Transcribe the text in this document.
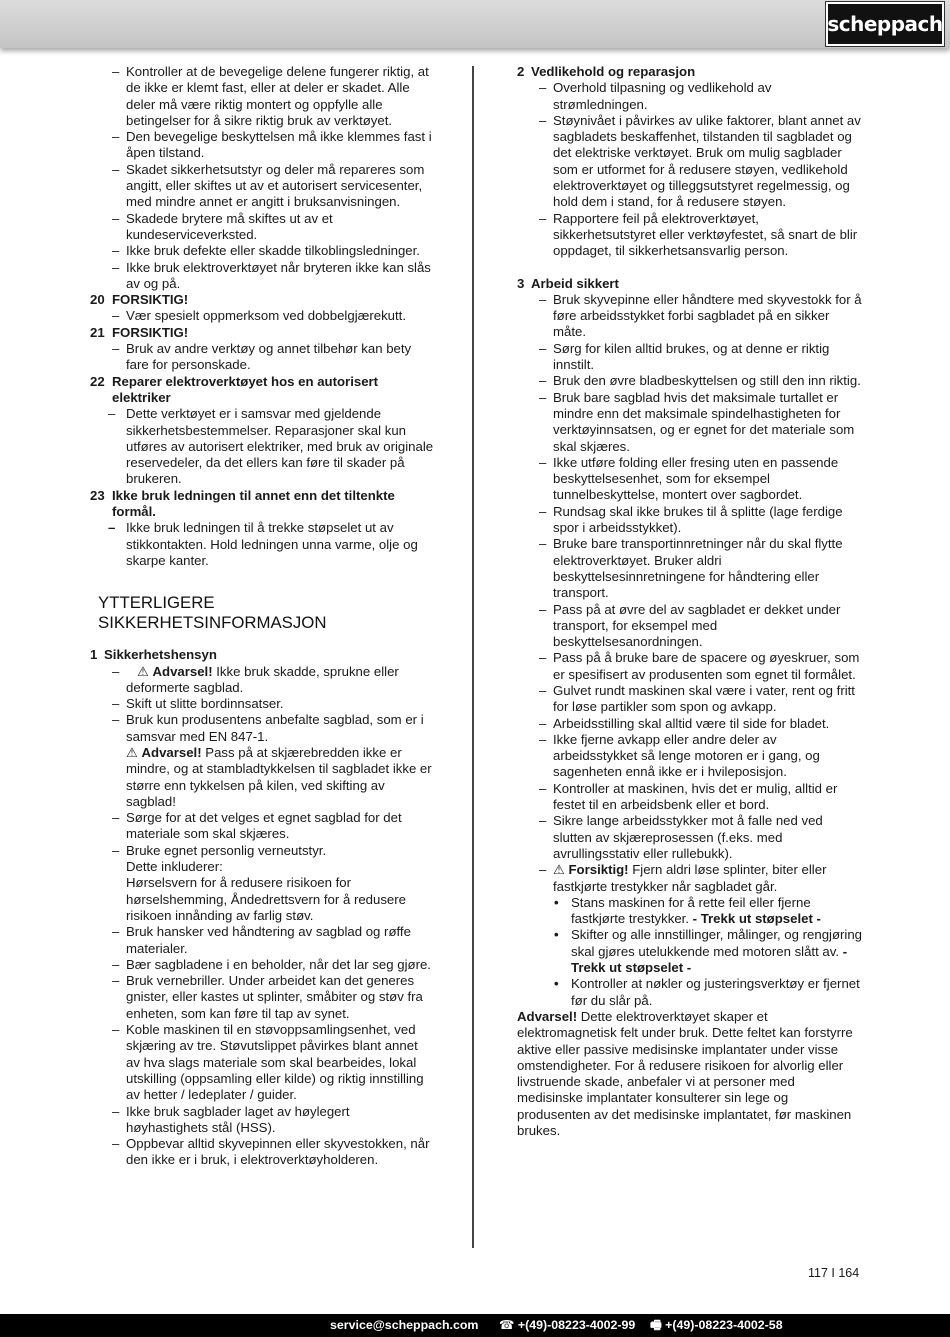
scheppach
– Kontroller at de bevegelige delene fungerer riktig, at de ikke er klemt fast, eller at deler er skadet. Alle deler må være riktig montert og oppfylle alle betingelser for å sikre riktig bruk av verktøyet.
– Den bevegelige beskyttelsen må ikke klemmes fast i åpen tilstand.
– Skadet sikkerhetsutstyr og deler må repareres som angitt, eller skiftes ut av et autorisert servicesenter, med mindre annet er angitt i bruksanvisningen.
– Skadede brytere må skiftes ut av et kundeserviceverksted.
– Ikke bruk defekte eller skadde tilkoblingsledninger.
– Ikke bruk elektroverktøyet når bryteren ikke kan slås av og på.
20 FORSIKTIG!
– Vær spesielt oppmerksom ved dobbelgjærekutt.
21 FORSIKTIG!
– Bruk av andre verktøy og annet tilbehør kan bety fare for personskade.
22 Reparer elektroverktøyet hos en autorisert elektriker
– Dette verktøyet er i samsvar med gjeldende sikkerhetsbestemmelser. Reparasjoner skal kun utføres av autorisert elektriker, med bruk av originale reservedeler, da det ellers kan føre til skader på brukeren.
23 Ikke bruk ledningen til annet enn det tiltenkte formål.
– Ikke bruk ledningen til å trekke støpselet ut av stikkontakten. Hold ledningen unna varme, olje og skarpe kanter.
YTTERLIGERE SIKKERHETSINFORMASJON
1 Sikkerhetshensyn
– ⚠ Advarsel! Ikke bruk skadde, sprukne eller deformerte sagblad.
– Skift ut slitte bordinnsatser.
– Bruk kun produsentens anbefalte sagblad, som er i samsvar med EN 847-1.
⚠ Advarsel! Pass på at skjærebredden ikke er mindre, og at stambladtykkelsen til sagbladet ikke er større enn tykkelsen på kilen, ved skifting av sagblad!
– Sørge for at det velges et egnet sagblad for det materiale som skal skjæres.
– Bruke egnet personlig verneutstyr.
Dette inkluderer:
Hørselsvern for å redusere risikoen for hørselshemming, Åndedrettsvern for å redusere risikoen innånding av farlig støv.
– Bruk hansker ved håndtering av sagblad og røffe materialer.
– Bær sagbladene i en beholder, når det lar seg gjøre.
– Bruk vernebriller. Under arbeidet kan det generes gnister, eller kastes ut splinter, småbiter og støv fra enheten, som kan føre til tap av synet.
– Koble maskinen til en støvoppsamlingsenhet, ved skjæring av tre. Støvutslippet påvirkes blant annet av hva slags materiale som skal bearbeides, lokal utskilling (oppsamling eller kilde) og riktig innstilling av hetter / ledeplater / guider.
– Ikke bruk sagblader laget av høylegert høyhastighets stål (HSS).
– Oppbevar alltid skyvepinnen eller skyvestokken, når den ikke er i bruk, i elektroverktøyholderen.
2 Vedlikehold og reparasjon
– Overhold tilpasning og vedlikehold av strømledningen.
– Støynivået i påvirkes av ulike faktorer, blant annet av sagbladets beskaffenhet, tilstanden til sagbladet og det elektriske verktøyet. Bruk om mulig sagblader som er utformet for å redusere støyen, vedlikehold elektroverktøyet og tilleggsutstyret regelmessig, og hold dem i stand, for å redusere støyen.
– Rapportere feil på elektroverktøyet, sikkerhetsutstyret eller verktøyfestet, så snart de blir oppdaget, til sikkerhetsansvarlig person.
3 Arbeid sikkert
– Bruk skyvepinne eller håndtere med skyvestokk for å føre arbeidsstykket forbi sagbladet på en sikker måte.
– Sørg for kilen alltid brukes, og at denne er riktig innstilt.
– Bruk den øvre bladbeskyttelsen og still den inn riktig.
– Bruk bare sagblad hvis det maksimale turtallet er mindre enn det maksimale spindelhastigheten for verktøyinnsatsen, og er egnet for det materiale som skal skjæres.
– Ikke utføre folding eller fresing uten en passende beskyttelsesenhet, som for eksempel tunnelbeskyttelse, montert over sagbordet.
– Rundsag skal ikke brukes til å splitte (lage ferdige spor i arbeidsstykket).
– Bruke bare transportinnretninger når du skal flytte elektroverktøyet. Bruker aldri beskyttelsesinnretningene for håndtering eller transport.
– Pass på at øvre del av sagbladet er dekket under transport, for eksempel med beskyttelsesanordningen.
– Pass på å bruke bare de spacere og øyeskruer, som er spesifisert av produsenten som egnet til formålet.
– Gulvet rundt maskinen skal være i vater, rent og fritt for løse partikler som spon og avkapp.
– Arbeidsstilling skal alltid være til side for bladet.
– Ikke fjerne avkapp eller andre deler av arbeidsstykket så lenge motoren er i gang, og sagenheten ennå ikke er i hvileposisjon.
– Kontroller at maskinen, hvis det er mulig, alltid er festet til en arbeidsbenk eller et bord.
– Sikre lange arbeidsstykker mot å falle ned ved slutten av skjæreprosessen (f.eks. med avrullingsstativ eller rullebukk).
– ⚠ Forsiktig! Fjern aldri løse splinter, biter eller fastkjørte trestykker når sagbladet går.
• Stans maskinen for å rette feil eller fjerne fastkjørte trestykker. - Trekk ut støpselet -
• Skifter og alle innstillinger, målinger, og rengjøring skal gjøres utelukkende med motoren slått av. - Trekk ut støpselet -
• Kontroller at nøkler og justeringsverktøy er fjernet før du slår på.
Advarsel! Dette elektroverktøyet skaper et elektromagnetisk felt under bruk. Dette feltet kan forstyrre aktive eller passive medisinske implantater under visse omstendigheter. For å redusere risikoen for alvorlig eller livstruende skade, anbefaler vi at personer med medisinske implantater konsulterer sin lege og produsenten av det medisinske implantatet, før maskinen brukes.
117 I 164
service@scheppach.com ☎ +(49)-08223-4002-99 🖷 +(49)-08223-4002-58
